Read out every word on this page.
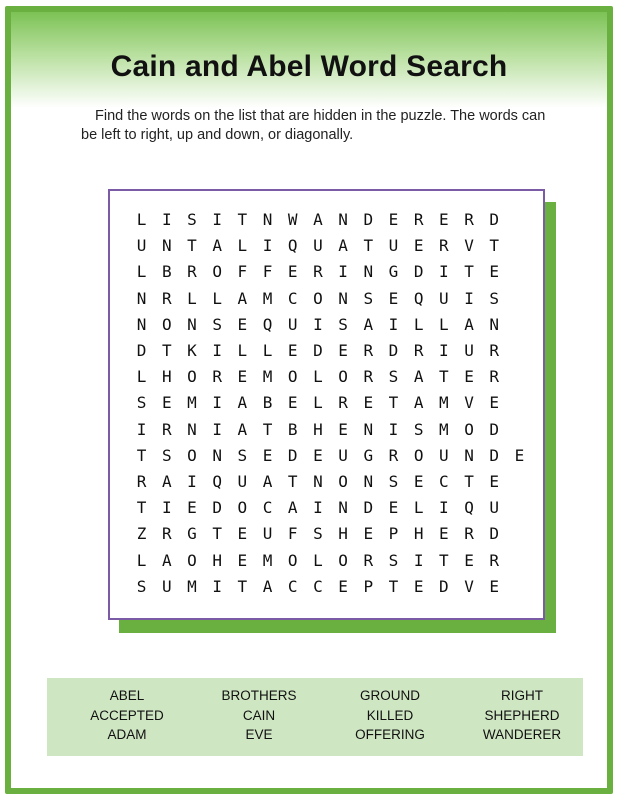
Cain and Abel Word Search
Find the words on the list that are hidden in the puzzle. The words can be left to right, up and down, or diagonally.
L I S I T N W A N D E R E R D
U N T A L I Q U A T U E R V T
L B R O F F E R I N G D I T E
N R L L A M C O N S E Q U I S
N O N S E Q U I S A I L L A N
D T K I L L E D E R D R I U R
L H O R E M O L O R S A T E R
S E M I A B E L R E T A M V E
I R N I A T B H E N I S M O D
T S O N S E D E U G R O U N D E
R A I Q U A T N O N S E C T E
T I E D O C A I N D E L I Q U
Z R G T E U F S H E P H E R D
L A O H E M O L O R S I T E R
S U M I T A C C E P T E D V E
ABEL
ACCEPTED
ADAM
BROTHERS
CAIN
EVE
GROUND
KILLED
OFFERING
RIGHT
SHEPHERD
WANDERER
